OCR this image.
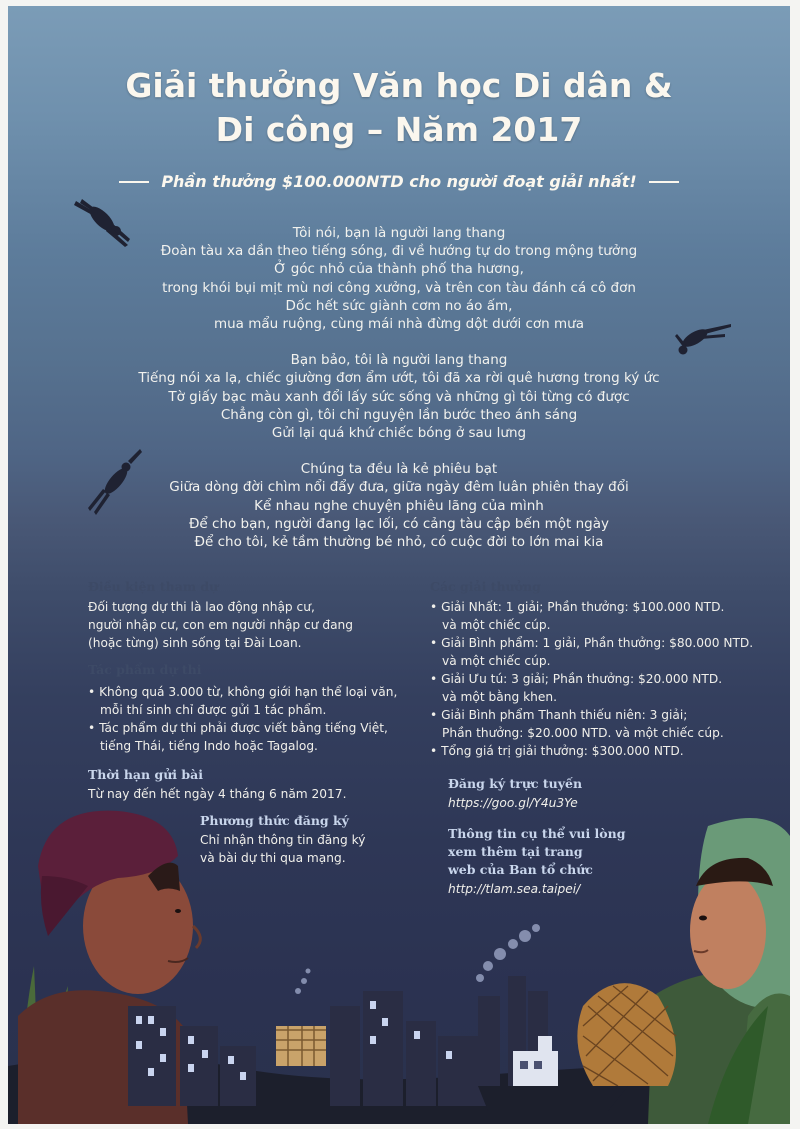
Giải thưởng Văn học Di dân &
Di công – Năm 2017
Phần thưởng $100.000NTD cho người đoạt giải nhất!
Tôi nói, bạn là người lang thang
Đoàn tàu xa dần theo tiếng sóng, đi về hướng tự do trong mộng tưởng
Ở góc nhỏ của thành phố tha hương,
trong khói bụi mịt mù nơi công xưởng, và trên con tàu đánh cá cô đơn
Dốc hết sức giành cơm no áo ấm,
mua mẩu ruộng, cùng mái nhà đừng dột dưới cơn mưa
Bạn bảo, tôi là người lang thang
Tiếng nói xa lạ, chiếc giường đơn ẩm ướt, tôi đã xa rời quê hương trong ký ức
Tờ giấy bạc màu xanh đổi lấy sức sống và những gì tôi từng có được
Chẳng còn gì, tôi chỉ nguyện lần bước theo ánh sáng
Gửi lại quá khứ chiếc bóng ở sau lưng
Chúng ta đều là kẻ phiêu bạt
Giữa dòng đời chìm nổi đẩy đưa, giữa ngày đêm luân phiên thay đổi
Kể nhau nghe chuyện phiêu lãng của mình
Để cho bạn, người đang lạc lối, có cảng tàu cập bến một ngày
Để cho tôi, kẻ tầm thường bé nhỏ, có cuộc đời to lớn mai kia
Điều kiện tham dự
Đối tượng dự thi là lao động nhập cư,
người nhập cư, con em người nhập cư đang
(hoặc từng) sinh sống tại Đài Loan.
Tác phẩm dự thi
• Không quá 3.000 từ, không giới hạn thể loại văn,
mỗi thí sinh chỉ được gửi 1 tác phẩm.
• Tác phẩm dự thi phải được viết bằng tiếng Việt,
tiếng Thái, tiếng Indo hoặc Tagalog.
Thời hạn gửi bài
Từ nay đến hết ngày 4 tháng 6 năm 2017.
Phương thức đăng ký
Chỉ nhận thông tin đăng ký
và bài dự thi qua mạng.
Các giải thưởng
• Giải Nhất: 1 giải; Phần thưởng: $100.000 NTD.
và một chiếc cúp.
• Giải Bình phẩm: 1 giải, Phần thưởng: $80.000 NTD.
và một chiếc cúp.
• Giải Ưu tú: 3 giải; Phần thưởng: $20.000 NTD.
và một bằng khen.
• Giải Bình phẩm Thanh thiếu niên: 3 giải;
Phần thưởng: $20.000 NTD. và một chiếc cúp.
• Tổng giá trị giải thưởng: $300.000 NTD.
Đăng ký trực tuyến
https://goo.gl/Y4u3Ye
Thông tin cụ thể vui lòng
xem thêm tại trang
web của Ban tổ chức
http://tlam.sea.taipei/
